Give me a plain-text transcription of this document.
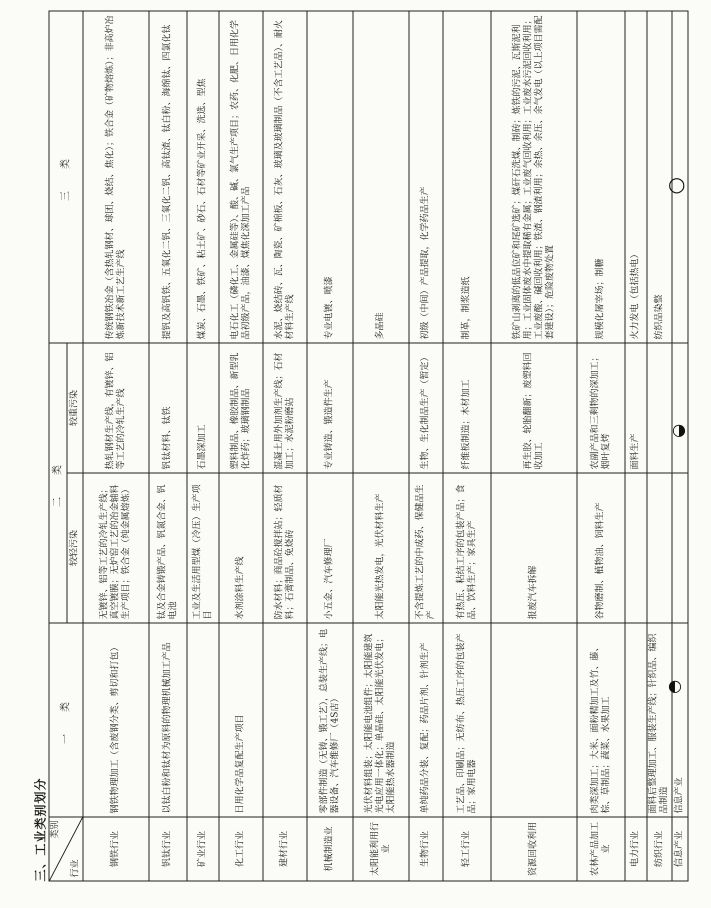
三、工业类别划分 类别
行业	一　类	二　类		三　类
		较轻污染	较重污染	
钢铁行业	钢铁物理加工（含废钢分类、剪切和打包）	无镀锌、铝等工艺的冷轧生产线；真空镀膜；无炉窑工艺的冶金辅料生产项目；铁合金（纯金属熔炼）	热轧钢材生产线，有镀锌、铝等工艺的冷轧生产线	传统钢铁冶金（含热轧钢材、球团、烧结、焦化）；铁合金（矿物熔炼）；非高炉冶炼新技术新工艺生产线
钒钛行业	以钛白粉和钛材为原料的物理机械加工产品	钛及合金铸锻产品、钒氮合金、钒电池	钒钛材料、钛铁	提钒及高钒铁、五氧化二钒、三氧化二钒、高钛渣、钛白粉、海绵钛、四氯化钛
矿业行业		工业及生活用型煤（冷压）生产项目	石墨深加工	煤炭、石墨、铁矿、粘土矿、砂石、石材等矿业开采、洗选、型焦
化工行业	日用化学品复配生产项目	水剂涂料生产线	塑料制品、橡胶制品、新型乳化炸药；玻璃钢制品	电石化工（磷化工、金属硅等）、酸、碱、氯气生产项目；农药、化肥、日用化学品初级产品，油漆、煤焦化深加工产品
建材行业		防水材料；商品砼搅拌站；轻质材料；石膏制品、免烧砖	混凝土用外加剂生产线；石材加工；水泥粉磨站	水泥、烧结砖、瓦、陶瓷、矿棉板、石灰、玻璃及玻璃制品（不含工艺品）、耐火材料生产线
机械制造业	零部件制造（无铸、锻工艺），总装生产线；电器设备、汽车维修厂（4S店）	小五金、汽车修理厂	专业铸造、锻造件生产	专业电镀、喷漆
太阳能利用行业	光伏材料组装；太阳能电池组件；太阳能建筑光电应用一体化；单晶硅、太阳能光伏发电；太阳能热水器制造	太阳能光热发电，光伏材料生产		多晶硅
生物行业	单纯药品分装、复配；药品片剂、针剂生产	不含提炼工艺的中成药、保健品生产	生物、生化制品生产（暂定）	初级（中间）产品提取，化学药品生产
轻工行业	工艺品、印刷品；无纺布、热压工序的包装产品；家用电器	有热压、粘结工序的包装产品；食品、饮料生产；家具生产	纤维板制造；木材加工	制革，制浆造纸
资源回收利用		报废汽车拆解	再生胶、轮胎翻新；废塑料回收加工	铁矿山剥离的低品位矿和尾矿选矿；煤矸石洗煤、制砖；炼铁的污泥、瓦斯泥利用；工业固体废水中提取稀有金属；工业废气回收利用；工业废水污泥回收利用；工业废酸、碱回收利用；铁渣、钢渣利用；余热、余压、余气发电（以上项目需配套建设）；危险废物处置
农林产品加工业	肉类深加工；大米、面粉精加工及竹、藤、棕、草制品；蔬菜、水果加工	谷物磨制、植物油、饲料生产	农副产品和三剩物的深加工；烟叶复烤	规模化屠宰场；制糖
电力行业			面料生产	火力发电（包括热电）
纺织行业	面料后整理加工、服装生产线；针织品、编织品制造			纺织品染整
信息产业	信息产业			
○
◑
◐
